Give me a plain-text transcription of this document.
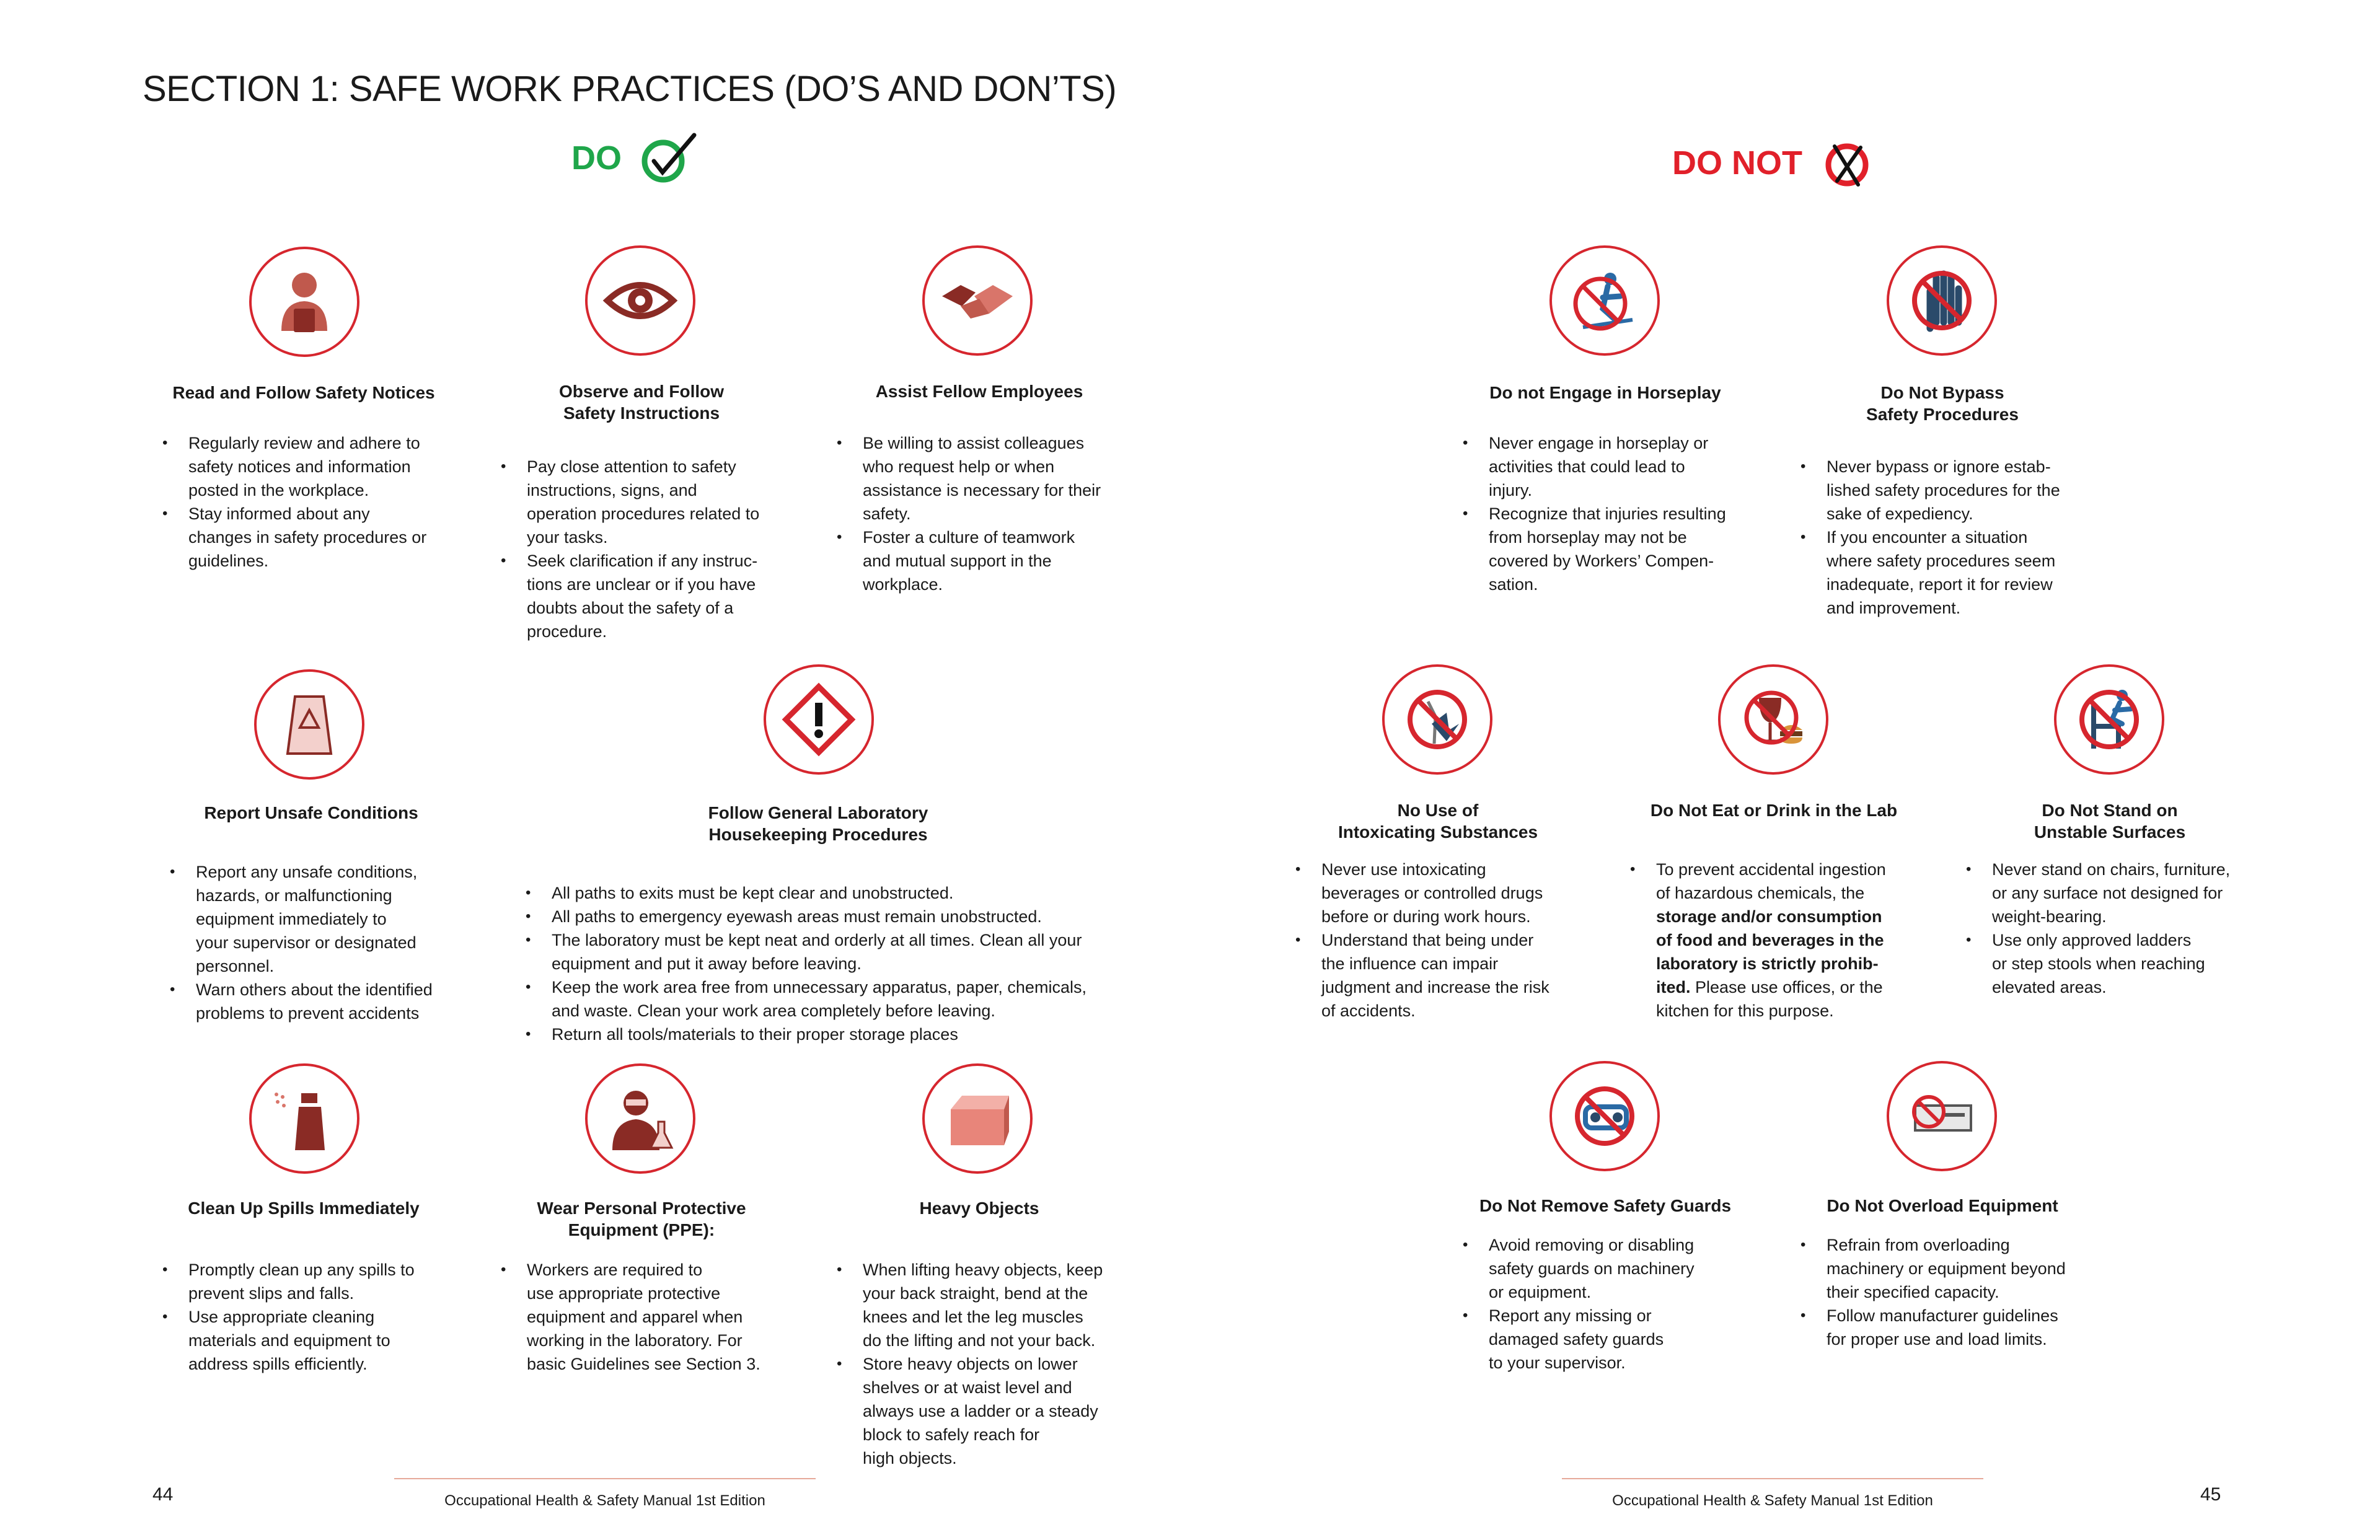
SECTION 1: SAFE WORK PRACTICES (DO’S AND DON’TS)
DO	DO NOT

Read and Follow Safety Notices

• Regularly review and adhere to
safety notices and information
posted in the workplace.
• Stay informed about any
changes in safety procedures or
guidelines.

Observe and Follow
Safety Instructions

• Pay close attention to safety
instructions, signs, and
operation procedures related to
your tasks.
• Seek clarification if any instruc-
tions are unclear or if you have
doubts about the safety of a
procedure.

Assist Fellow Employees

• Be willing to assist colleagues
who request help or when
assistance is necessary for their
safety.
• Foster a culture of teamwork
and mutual support in the
workplace.

Report Unsafe Conditions

• Report any unsafe conditions,
hazards, or malfunctioning
equipment immediately to
your supervisor or designated
personnel.
• Warn others about the identified
problems to prevent accidents

Follow General Laboratory
Housekeeping Procedures

• All paths to exits must be kept clear and unobstructed.
• All paths to emergency eyewash areas must remain unobstructed.
• The laboratory must be kept neat and orderly at all times. Clean all your
equipment and put it away before leaving.
• Keep the work area free from unnecessary apparatus, paper, chemicals,
and waste. Clean your work area completely before leaving.
• Return all tools/materials to their proper storage places

Clean Up Spills Immediately

• Promptly clean up any spills to
prevent slips and falls.
• Use appropriate cleaning
materials and equipment to
address spills efficiently.

Wear Personal Protective
Equipment (PPE):

• Workers are required to
use appropriate protective
equipment and apparel when
working in the laboratory. For
basic Guidelines see Section 3.

Heavy Objects

• When lifting heavy objects, keep
your back straight, bend at the
knees and let the leg muscles
do the lifting and not your back.
• Store heavy objects on lower
shelves or at waist level and
always use a ladder or a steady
block to safely reach for
high objects.

Do not Engage in Horseplay

• Never engage in horseplay or
activities that could lead to
injury.
• Recognize that injuries resulting
from horseplay may not be
covered by Workers’ Compen-
sation.

Do Not Bypass
Safety Procedures

• Never bypass or ignore estab-
lished safety procedures for the
sake of expediency.
• If you encounter a situation
where safety procedures seem
inadequate, report it for review
and improvement.

No Use of
Intoxicating Substances

• Never use intoxicating
beverages or controlled drugs
before or during work hours.
• Understand that being under
the influence can impair
judgment and increase the risk
of accidents.

Do Not Eat or Drink in the Lab

• To prevent accidental ingestion
of hazardous chemicals, the
storage and/or consumption
of food and beverages in the
laboratory is strictly prohib-
ited. Please use offices, or the
kitchen for this purpose.

Do Not Stand on
Unstable Surfaces

• Never stand on chairs, furniture,
or any surface not designed for
weight-bearing.
• Use only approved ladders
or step stools when reaching
elevated areas.

Do Not Remove Safety Guards

• Avoid removing or disabling
safety guards on machinery
or equipment.
• Report any missing or
damaged safety guards
to your supervisor.

Do Not Overload Equipment

• Refrain from overloading
machinery or equipment beyond
their specified capacity.
• Follow manufacturer guidelines
for proper use and load limits.
44	45
Occupational Health & Safety Manual 1st Edition	Occupational Health & Safety Manual 1st Edition
